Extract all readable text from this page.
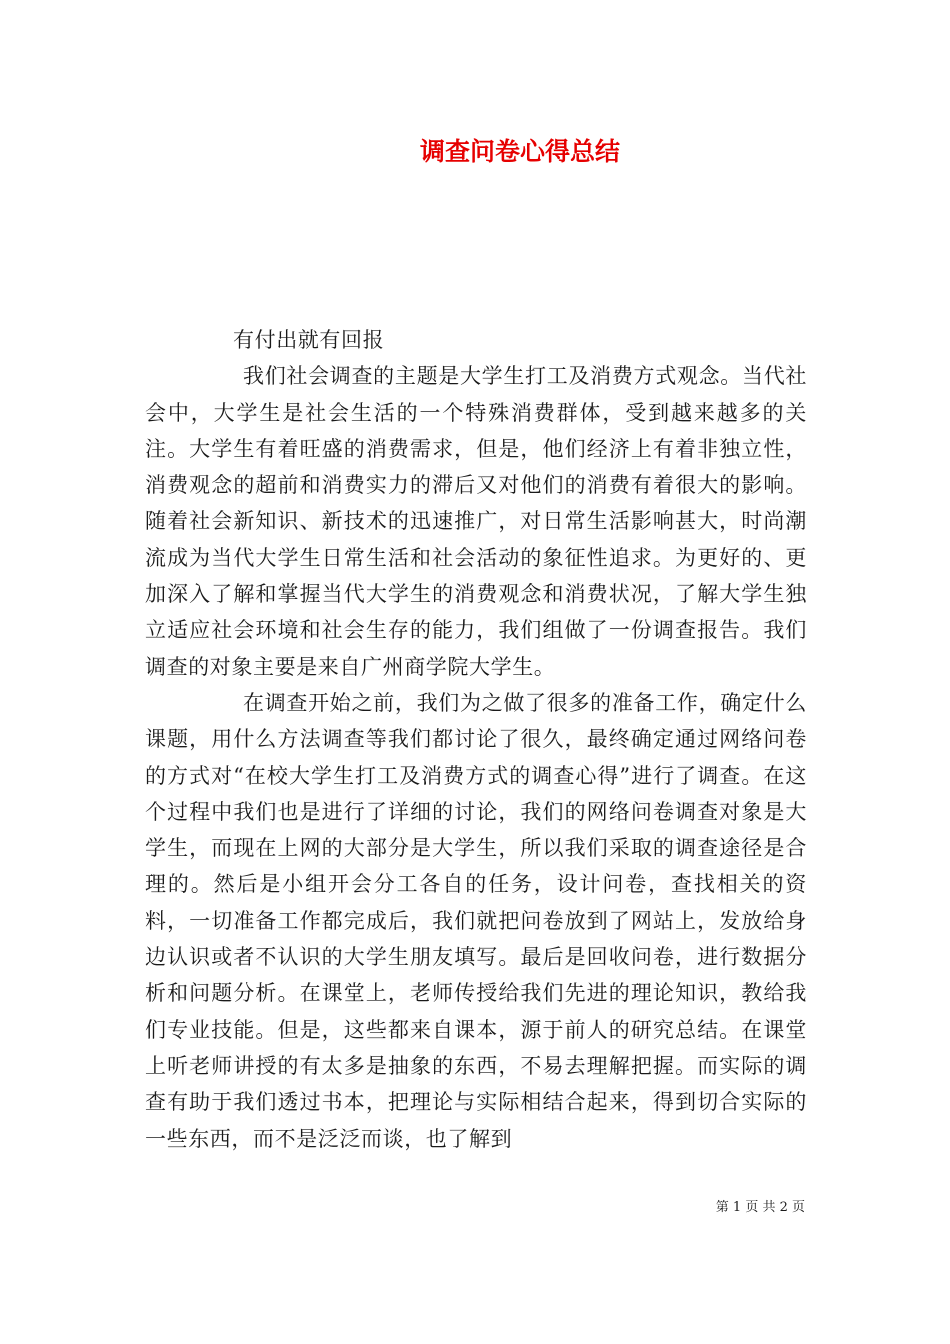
调查问卷心得总结

有付出就有回报

我们社会调查的主题是大学生打工及消费方式观念。当代社会中，大学生是社会生活的一个特殊消费群体，受到越来越多的关注。大学生有着旺盛的消费需求，但是，他们经济上有着非独立性，消费观念的超前和消费实力的滞后又对他们的消费有着很大的影响。随着社会新知识、新技术的迅速推广，对日常生活影响甚大，时尚潮流成为当代大学生日常生活和社会活动的象征性追求。为更好的、更加深入了解和掌握当代大学生的消费观念和消费状况，了解大学生独立适应社会环境和社会生存的能力，我们组做了一份调查报告。我们调查的对象主要是来自广州商学院大学生。

在调查开始之前，我们为之做了很多的准备工作，确定什么课题，用什么方法调查等我们都讨论了很久，最终确定通过网络问卷的方式对“在校大学生打工及消费方式的调查心得”进行了调查。在这个过程中我们也是进行了详细的讨论，我们的网络问卷调查对象是大学生，而现在上网的大部分是大学生，所以我们采取的调查途径是合理的。然后是小组开会分工各自的任务，设计问卷，查找相关的资料，一切准备工作都完成后，我们就把问卷放到了网站上，发放给身边认识或者不认识的大学生朋友填写。最后是回收问卷，进行数据分析和问题分析。在课堂上，老师传授给我们先进的理论知识，教给我们专业技能。但是，这些都来自课本，源于前人的研究总结。在课堂上听老师讲授的有太多是抽象的东西，不易去理解把握。而实际的调查有助于我们透过书本，把理论与实际相结合起来，得到切合实际的一些东西，而不是泛泛而谈，也了解到

第 1 页 共 2 页
